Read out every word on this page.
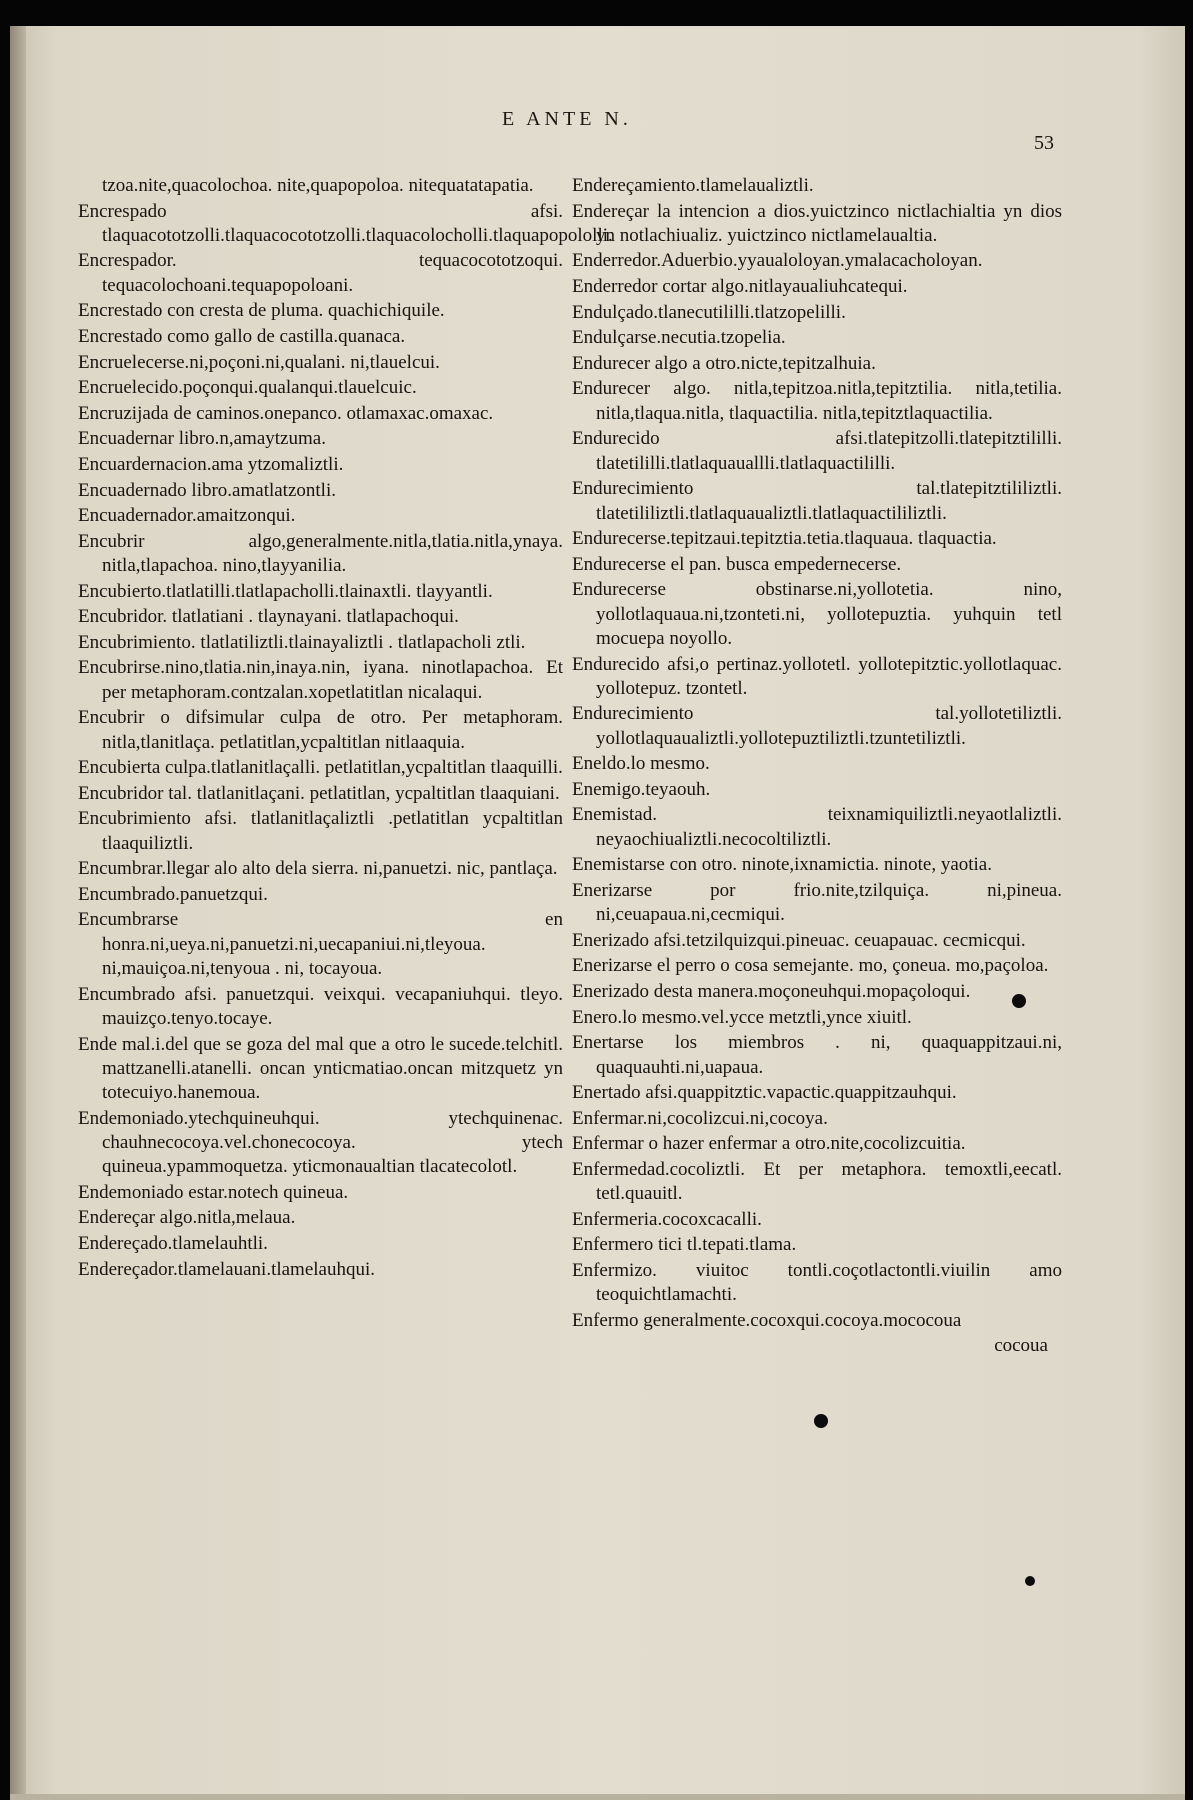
E ANTE N.
53

tzoa.nite,quacolochoa. nite,quapopoloa. nitequatatapatia.

Encrespado afsi. tlaquacototzolli.tlaquacocototzolli.tlaquacolocholli.tlaquapopololli.

Encrespador. tequacocototzoqui. tequacolochoani.tequapopoloani.

Encrestado con cresta de pluma. quachichiquile.

Encrestado como gallo de castilla.quanaca.

Encruelecerse.ni,poçoni.ni,qualani. ni,tlauelcui.

Encruelecido.poçonqui.qualanqui.tlauelcuic.

Encruzijada de caminos.onepanco. otlamaxac.omaxac.

Encuadernar libro.n,amaytzuma.

Encuardernacion.ama ytzomaliztli.

Encuadernado libro.amatlatzontli.

Encuadernador.amaitzonqui.

Encubrir algo,generalmente.nitla,tlatia.nitla,ynaya. nitla,tlapachoa. nino,tlayyanilia.

Encubierto.tlatlatilli.tlatlapacholli.tlainaxtli. tlayyantli.

Encubridor. tlatlatiani . tlaynayani. tlatlapachoqui.

Encubrimiento. tlatlatiliztli.tlainayaliztli . tlatlapacholi ztli.

Encubrirse.nino,tlatia.nin,inaya.nin, iyana. ninotlapachoa. Et per metaphoram.contzalan.xopetlatitlan nicalaqui.

Encubrir o difsimular culpa de otro. Per metaphoram. nitla,tlanitlaça. petlatitlan,ycpaltitlan nitlaaquia.

Encubierta culpa.tlatlanitlaçalli. petlatitlan,ycpaltitlan tlaaquilli.

Encubridor tal. tlatlanitlaçani. petlatitlan, ycpaltitlan tlaaquiani.

Encubrimiento afsi. tlatlanitlaçaliztli .petlatitlan ycpaltitlan tlaaquiliztli.

Encumbrar.llegar alo alto dela sierra. ni,panuetzi. nic, pantlaça.

Encumbrado.panuetzqui.

Encumbrarse en honra.ni,ueya.ni,panuetzi.ni,uecapaniui.ni,tleyoua. ni,mauiçoa.ni,tenyoua . ni, tocayoua.

Encumbrado afsi. panuetzqui. veixqui. vecapaniuhqui. tleyo. mauizço.tenyo.tocaye.

Ende mal.i.del que se goza del mal que a otro le sucede.telchitl. mattzanelli.atanelli. oncan ynticmatiao.oncan mitzquetz yn totecuiyo.hanemoua.

Endemoniado.ytechquineuhqui. ytechquinenac. chauhnecocoya.vel.chonecocoya. ytech quineua.ypammoquetza. yticmonaualtian tlacatecolotl.

Endemoniado estar.notech quineua.

Endereçar algo.nitla,melaua.

Endereçado.tlamelauhtli.

Endereçador.tlamelauani.tlamelauhqui.

Endereçamiento.tlamelaualiztli.

Endereçar la intencion a dios.yuictzinco nictlachialtia yn dios yn notlachiualiz. yuictzinco nictlamelaualtia.

Enderredor.Aduerbio.yyaualoloyan.ymalacacholoyan.

Enderredor cortar algo.nitlayaualiuhcatequi.

Endulçado.tlanecutililli.tlatzopelilli.

Endulçarse.necutia.tzopelia.

Endurecer algo a otro.nicte,tepitzalhuia.

Endurecer algo. nitla,tepitzoa.nitla,tepitztilia. nitla,tetilia. nitla,tlaqua.nitla, tlaquactilia. nitla,tepitztlaquactilia.

Endurecido afsi.tlatepitzolli.tlatepitztililli. tlatetililli.tlatlaquauallli.tlatlaquactililli.

Endurecimiento tal.tlatepitztililiztli. tlatetililiztli.tlatlaquaualiztli.tlatlaquactililiztli.

Endurecerse.tepitzaui.tepitztia.tetia.tlaquaua. tlaquactia.

Endurecerse el pan. busca empedernecerse.

Endurecerse obstinarse.ni,yollotetia. nino, yollotlaquaua.ni,tzonteti.ni, yollotepuztia. yuhquin tetl mocuepa noyollo.

Endurecido afsi,o pertinaz.yollotetl. yollotepitztic.yollotlaquac. yollotepuz. tzontetl.

Endurecimiento tal.yollotetiliztli. yollotlaquaualiztli.yollotepuztiliztli.tzuntetiliztli.

Eneldo.lo mesmo.

Enemigo.teyaouh.

Enemistad. teixnamiquiliztli.neyaotlaliztli. neyaochiualiztli.necocoltiliztli.

Enemistarse con otro. ninote,ixnamictia. ninote, yaotia.

Enerizarse por frio.nite,tzilquiça. ni,pineua. ni,ceuapaua.ni,cecmiqui.

Enerizado afsi.tetzilquizqui.pineuac. ceuapauac. cecmicqui.

Enerizarse el perro o cosa semejante. mo, çoneua. mo,paçoloa.

Enerizado desta manera.moçoneuhqui.mopaçoloqui.

Enero.lo mesmo.vel.ycce metztli,ynce xiuitl.

Enertarse los miembros . ni, quaquappitzaui.ni, quaquauhti.ni,uapaua.

Enertado afsi.quappitztic.vapactic.quappitzauhqui.

Enfermar.ni,cocolizcui.ni,cocoya.

Enfermar o hazer enfermar a otro.nite,cocolizcuitia.

Enfermedad.cocoliztli. Et per metaphora. temoxtli,eecatl. tetl.quauitl.

Enfermeria.cocoxcacalli.

Enfermero tici tl.tepati.tlama.

Enfermizo. viuitoc tontli.coçotlactontli.viuilin amo teoquichtlamachti.

Enfermo generalmente.cocoxqui.cocoya.mococoua

cocoua
